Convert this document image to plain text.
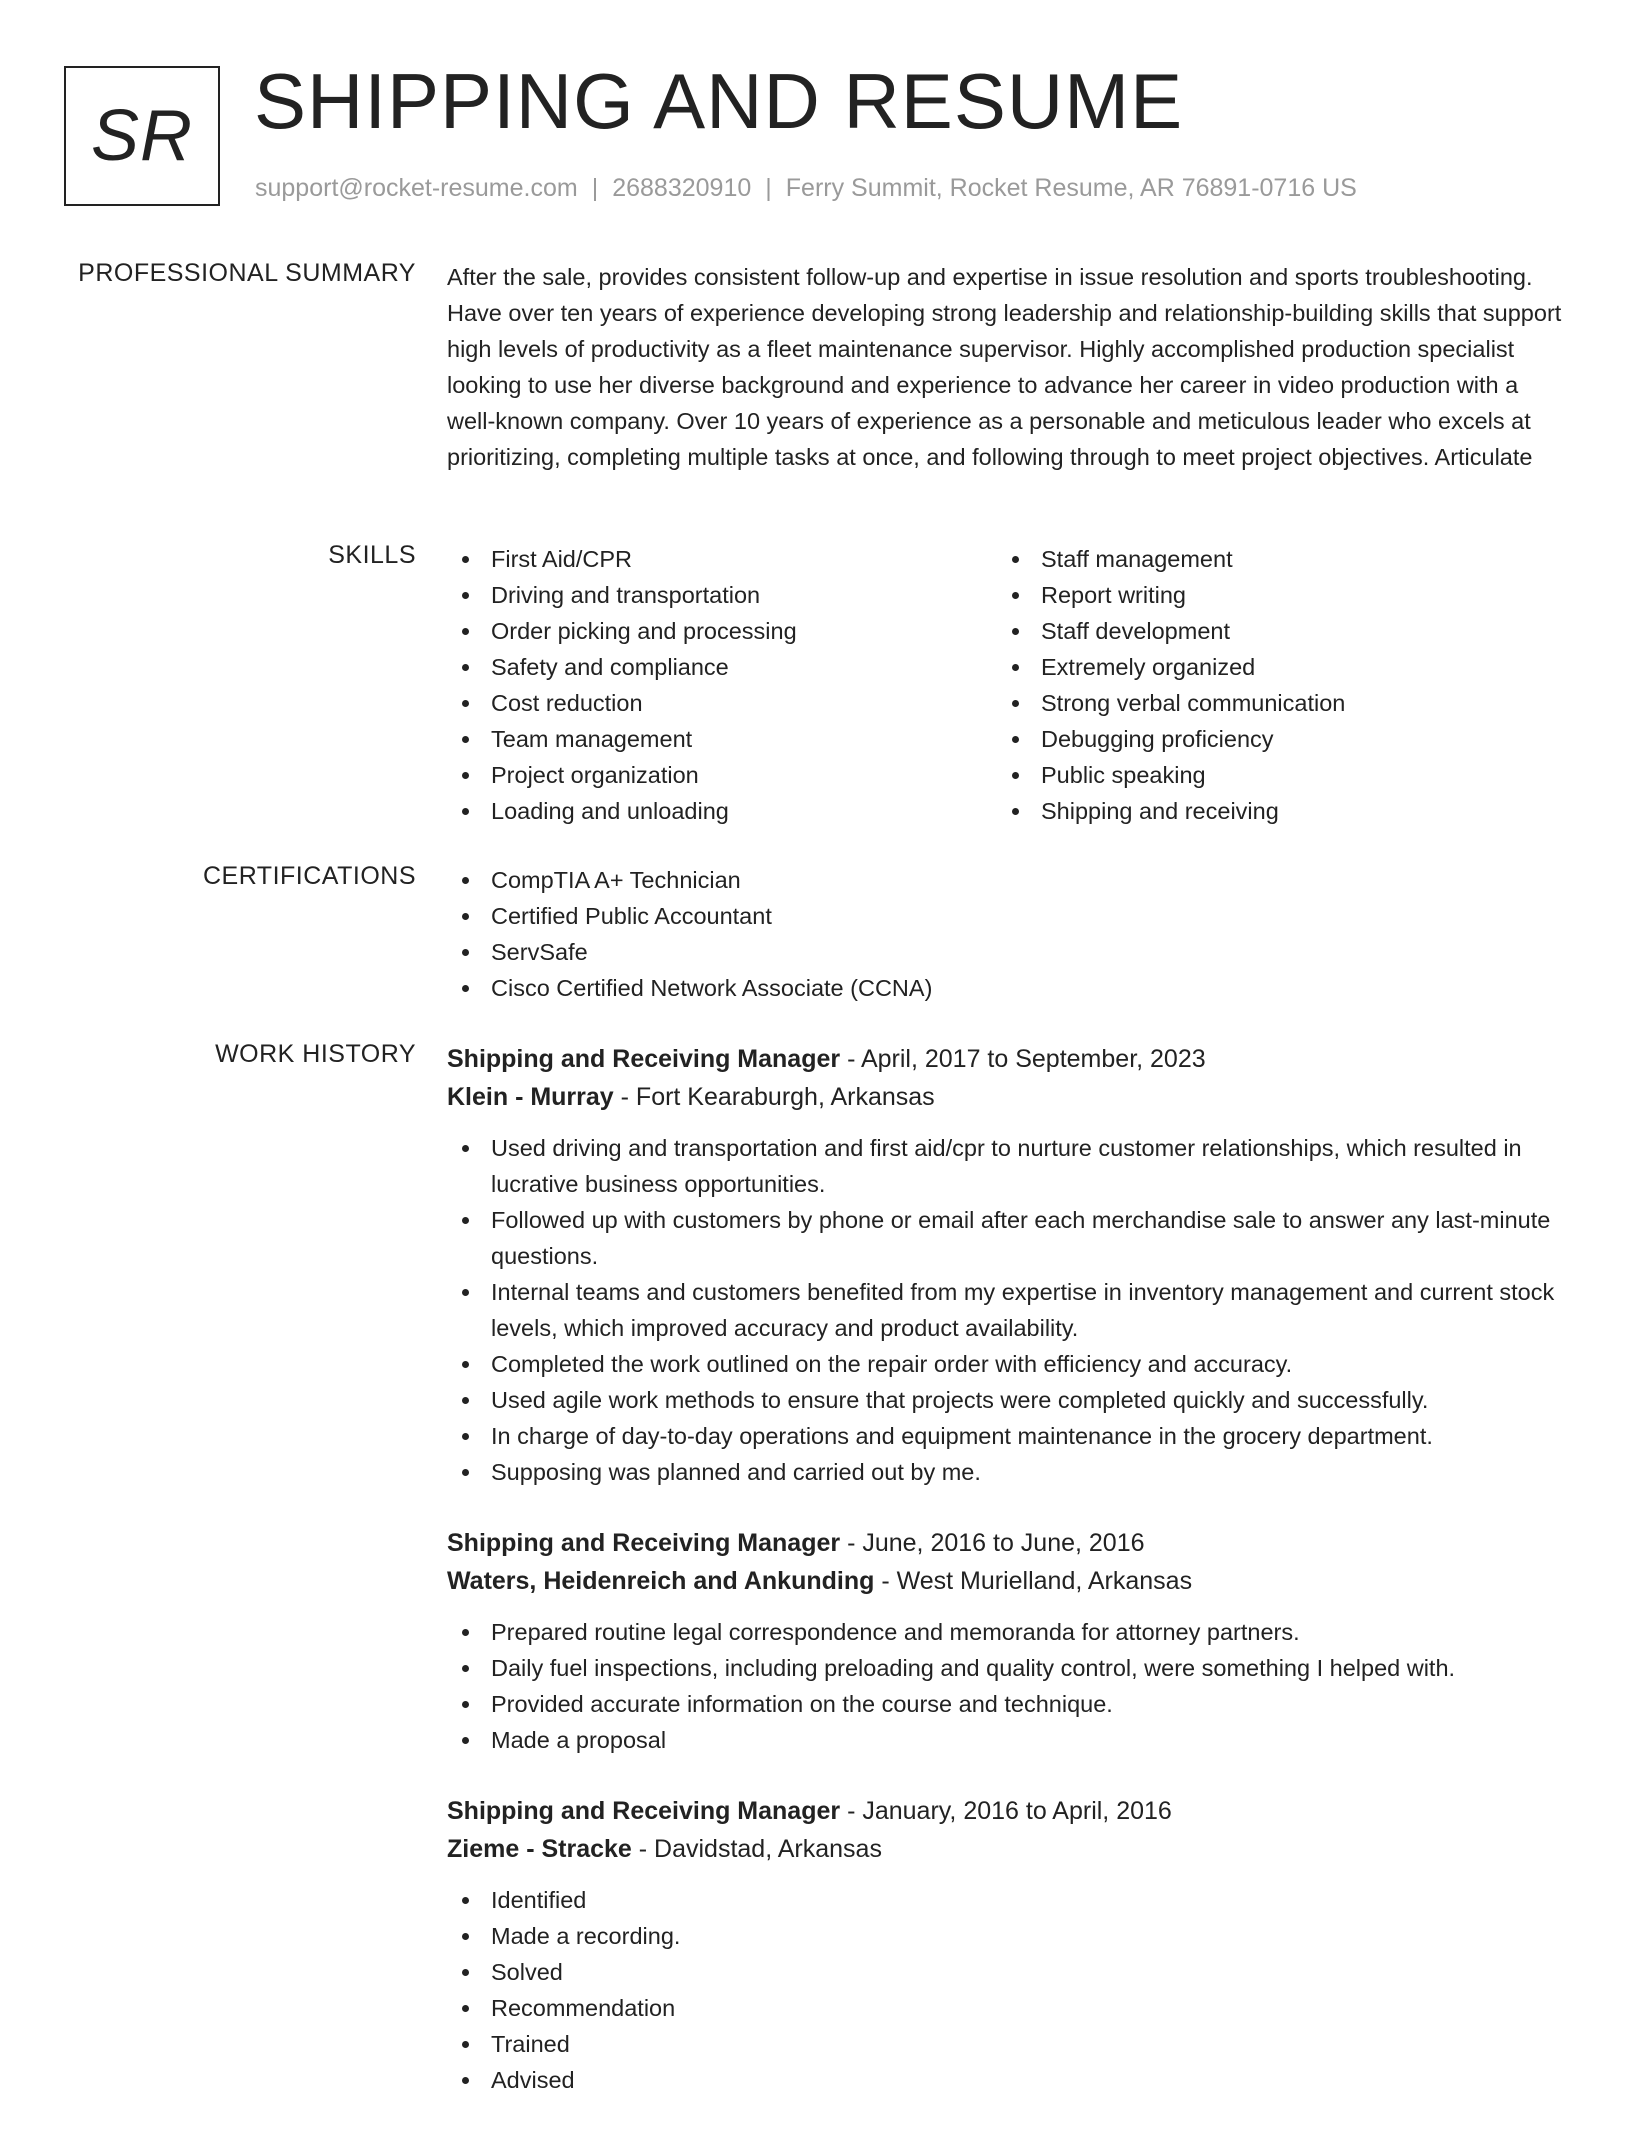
SR SHIPPING AND RESUME
support@rocket-resume.com | 2688320910 | Ferry Summit, Rocket Resume, AR 76891-0716 US
PROFESSIONAL SUMMARY After the sale, provides consistent follow-up and expertise in issue resolution and sports troubleshooting. Have over ten years of experience developing strong leadership and relationship-building skills that support high levels of productivity as a fleet maintenance supervisor. Highly accomplished production specialist looking to use her diverse background and experience to advance her career in video production with a well-known company. Over 10 years of experience as a personable and meticulous leader who excels at prioritizing, completing multiple tasks at once, and following through to meet project objectives. Articulate

SKILLS	First Aid/CPR
Driving and transportation
Order picking and processing
Safety and compliance
Cost reduction
Team management
Project organization
Loading and unloading
Staff management
Report writing
Staff development
Extremely organized
Strong verbal communication
Debugging proficiency
Public speaking
Shipping and receiving
CERTIFICATIONS	CompTIA A+ Technician
Certified Public Accountant
ServSafe
Cisco Certified Network Associate (CCNA)
WORK HISTORY Shipping and Receiving Manager - April, 2017 to September, 2023
Klein - Murray - Fort Kearaburgh, Arkansas
Used driving and transportation and first aid/cpr to nurture customer relationships, which resulted in lucrative business opportunities.
Followed up with customers by phone or email after each merchandise sale to answer any last-minute questions.
Internal teams and customers benefited from my expertise in inventory management and current stock levels, which improved accuracy and product availability.
Completed the work outlined on the repair order with efficiency and accuracy.
Used agile work methods to ensure that projects were completed quickly and successfully.
In charge of day-to-day operations and equipment maintenance in the grocery department.
Supposing was planned and carried out by me.
Shipping and Receiving Manager - June, 2016 to June, 2016
Waters, Heidenreich and Ankunding - West Murielland, Arkansas
Prepared routine legal correspondence and memoranda for attorney partners.
Daily fuel inspections, including preloading and quality control, were something I helped with.
Provided accurate information on the course and technique.
Made a proposal
Shipping and Receiving Manager - January, 2016 to April, 2016
Zieme - Stracke - Davidstad, Arkansas
Identified
Made a recording.
Solved
Recommendation
Trained
Advised
